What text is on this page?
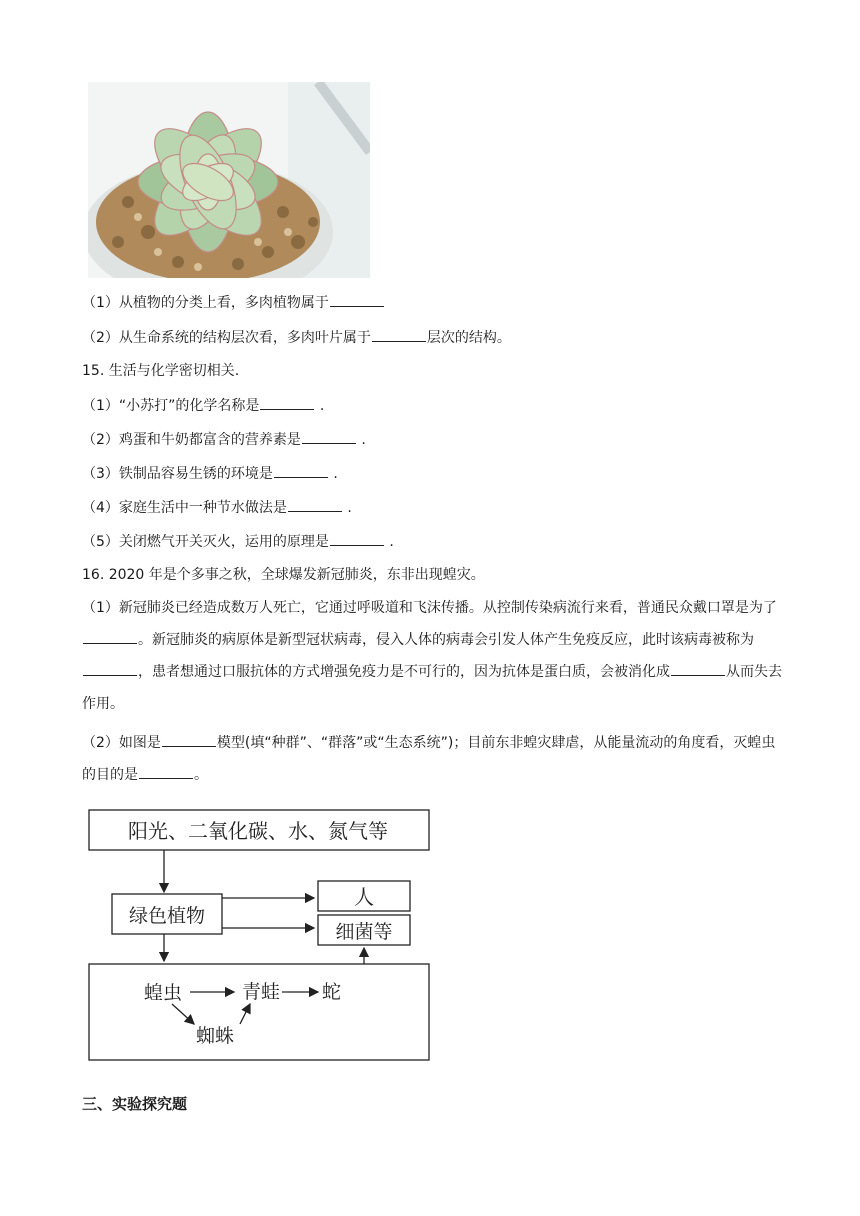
（1）从植物的分类上看，多肉植物属于
（2）从生命系统的结构层次看，多肉叶片属于	层次的结构。
15. 生活与化学密切相关.
（1）“小苏打”的化学名称是	.
（2）鸡蛋和牛奶都富含的营养素是	.
（3）铁制品容易生锈的环境是	.
（4）家庭生活中一种节水做法是	.
（5）关闭燃气开关灭火，运用的原理是	.
16. 2020 年是个多事之秋，全球爆发新冠肺炎，东非出现蝗灾。
（1）新冠肺炎已经造成数万人死亡，它通过呼吸道和飞沫传播。从控制传染病流行来看，普通民众戴口罩是为了。新冠肺炎的病原体是新型冠状病毒，侵入人体的病毒会引发人体产生免疫反应，此时该病毒被称为，患者想通过口服抗体的方式增强免疫力是不可行的，因为抗体是蛋白质，会被消化成	从而失去作用。
（2）如图是	模型(填“种群”、“群落”或“生态系统”)；目前东非蝗灾肆虐，从能量流动的角度看，灭蝗虫的目的是	。
阳光、二氧化碳、水、氮气等
绿色植物
人
细菌等
蝗虫	青蛙 蛇
蜘蛛
三、实验探究题
